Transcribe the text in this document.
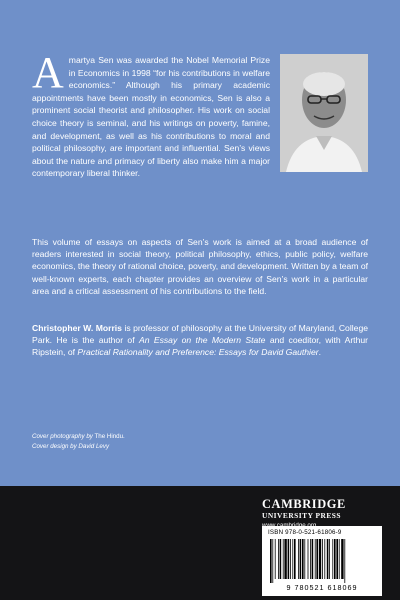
A martya Sen was awarded the Nobel Memorial Prize in Economics in 1998 “for his contributions in welfare economics.” Although his primary academic appointments have been mostly in economics, Sen is also a prominent social theorist and philosopher. His work on social choice theory is seminal, and his writings on poverty, famine, and development, as well as his contributions to moral and political philosophy, are important and influential. Sen’s views about the nature and primacy of liberty also make him a major contemporary liberal thinker.
This volume of essays on aspects of Sen’s work is aimed at a broad audience of readers interested in social theory, political philosophy, ethics, public policy, welfare economics, the theory of rational choice, poverty, and development. Written by a team of well-known experts, each chapter provides an overview of Sen’s work in a particular area and a critical assessment of his contributions to the field.
Christopher W. Morris is professor of philosophy at the University of Maryland, College Park. He is the author of An Essay on the Modern State and coeditor, with Arthur Ripstein, of Practical Rationality and Preference: Essays for David Gauthier.
Cover photography by The Hindu.
Cover design by David Levy
CAMBRIDGE
UNIVERSITY PRESS
ISBN 978-0-521-61806-9
9 780521 618069
